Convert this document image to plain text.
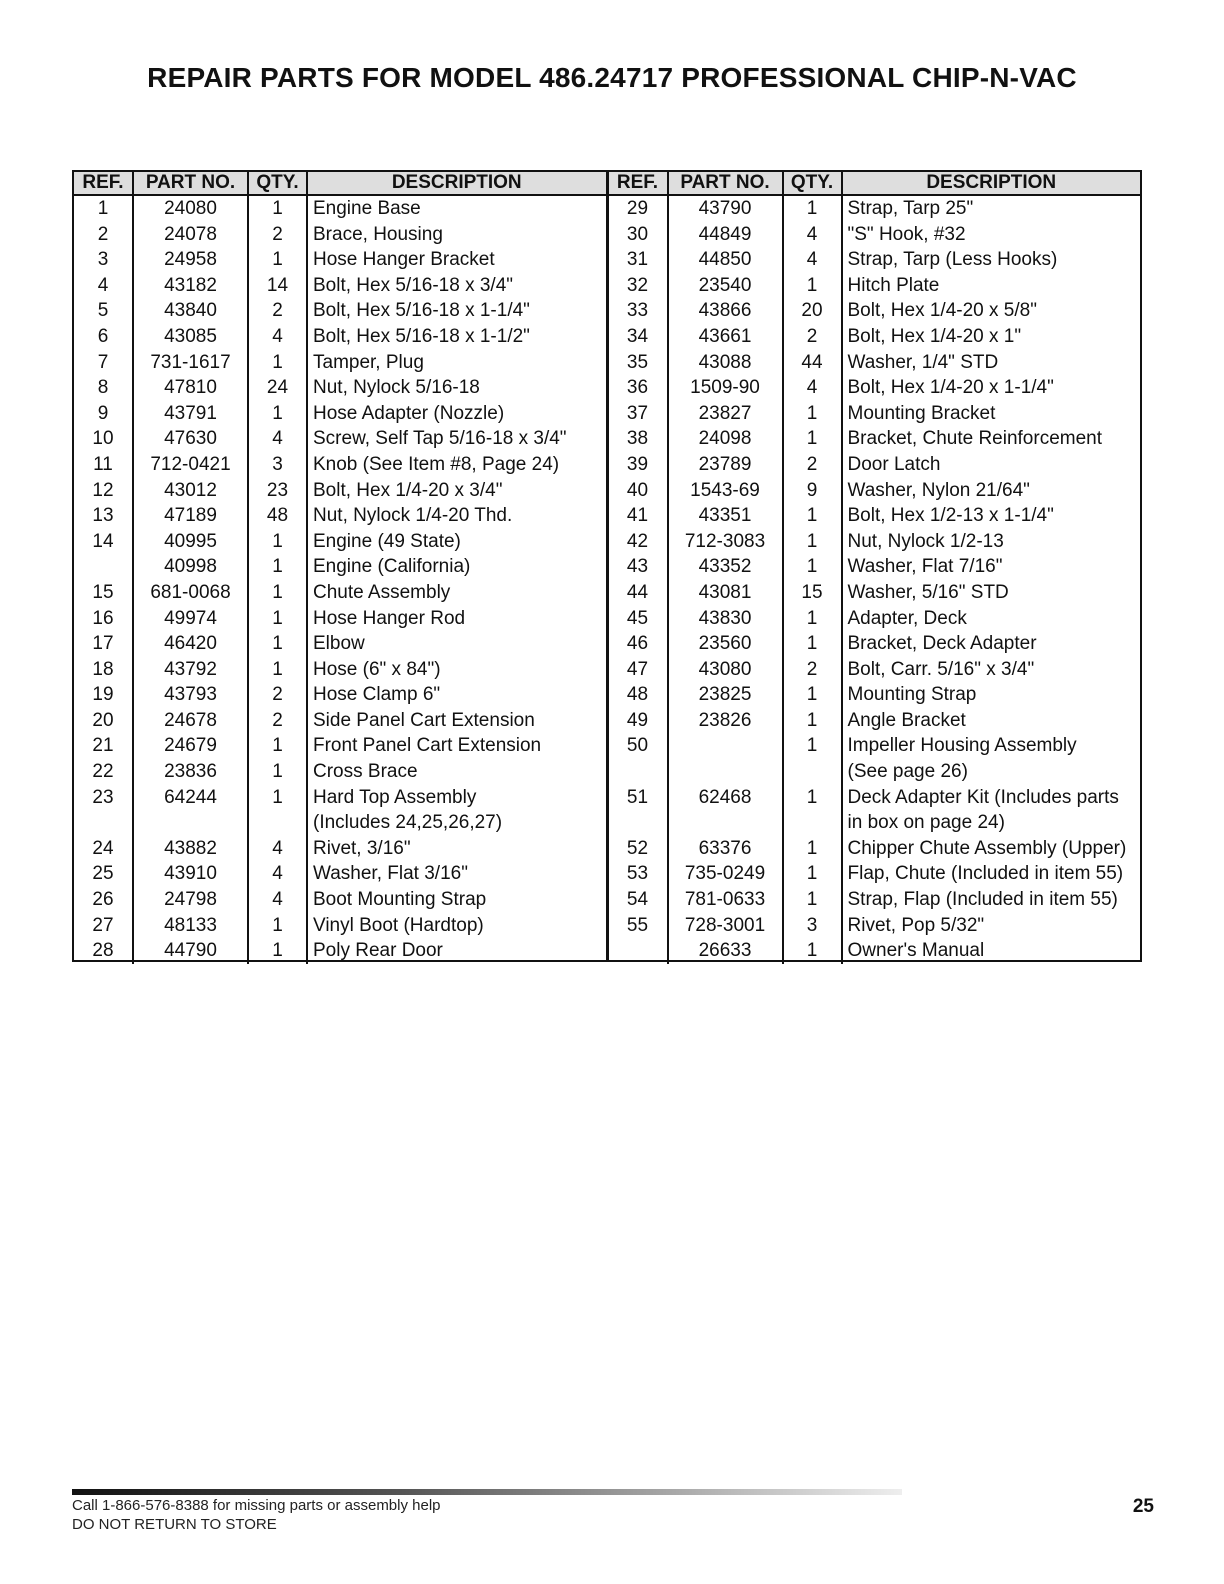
REPAIR PARTS FOR MODEL 486.24717 PROFESSIONAL CHIP-N-VAC
REF.	PART NO.	QTY.	DESCRIPTION
1	24080	1	Engine Base
2	24078	2	Brace, Housing
3	24958	1	Hose Hanger Bracket
4	43182	14	Bolt, Hex 5/16-18 x 3/4"
5	43840	2	Bolt, Hex 5/16-18 x 1-1/4"
6	43085	4	Bolt, Hex 5/16-18 x 1-1/2"
7	731-1617	1	Tamper, Plug
8	47810	24	Nut, Nylock 5/16-18
9	43791	1	Hose Adapter (Nozzle)
10	47630	4	Screw, Self Tap 5/16-18 x 3/4"
11	712-0421	3	Knob (See Item #8, Page 24)
12	43012	23	Bolt, Hex 1/4-20 x 3/4"
13	47189	48	Nut, Nylock 1/4-20 Thd.
14	40995	1	Engine (49 State)
	40998	1	Engine (California)
15	681-0068	1	Chute Assembly
16	49974	1	Hose Hanger Rod
17	46420	1	Elbow
18	43792	1	Hose (6" x 84")
19	43793	2	Hose Clamp 6"
20	24678	2	Side Panel Cart Extension
21	24679	1	Front Panel Cart Extension
22	23836	1	Cross Brace
23	64244	1	Hard Top Assembly
			(Includes 24,25,26,27)
24	43882	4	Rivet, 3/16"
25	43910	4	Washer, Flat 3/16"
26	24798	4	Boot Mounting Strap
27	48133	1	Vinyl Boot (Hardtop)
28	44790	1	Poly Rear Door
REF.	PART NO.	QTY.	DESCRIPTION
29	43790	1	Strap, Tarp 25"
30	44849	4	"S" Hook, #32
31	44850	4	Strap, Tarp (Less Hooks)
32	23540	1	Hitch Plate
33	43866	20	Bolt, Hex 1/4-20 x 5/8"
34	43661	2	Bolt, Hex 1/4-20 x 1"
35	43088	44	Washer, 1/4" STD
36	1509-90	4	Bolt, Hex 1/4-20 x 1-1/4"
37	23827	1	Mounting Bracket
38	24098	1	Bracket, Chute Reinforcement
39	23789	2	Door Latch
40	1543-69	9	Washer, Nylon 21/64"
41	43351	1	Bolt, Hex 1/2-13 x 1-1/4"
42	712-3083	1	Nut, Nylock 1/2-13
43	43352	1	Washer, Flat 7/16"
44	43081	15	Washer, 5/16" STD
45	43830	1	Adapter, Deck
46	23560	1	Bracket, Deck Adapter
47	43080	2	Bolt, Carr. 5/16" x 3/4"
48	23825	1	Mounting Strap
49	23826	1	Angle Bracket
50		1	Impeller Housing Assembly
			(See page 26)
51	62468	1	Deck Adapter Kit (Includes parts
			in box on page 24)
52	63376	1	Chipper Chute Assembly (Upper)
53	735-0249	1	Flap, Chute (Included in item 55)
54	781-0633	1	Strap, Flap (Included in item 55)
55	728-3001	3	Rivet, Pop 5/32"
	26633	1	Owner's Manual
Call 1-866-576-8388 for missing parts or assembly help
DO NOT RETURN TO STORE
25
